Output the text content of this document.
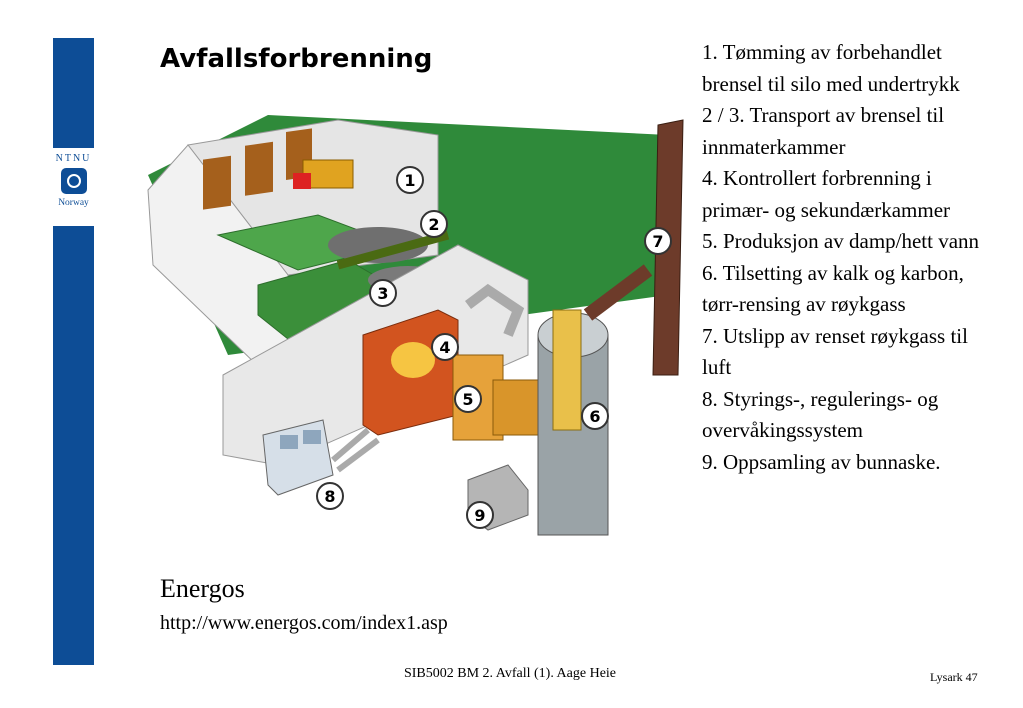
NTNU
Norway
Avfallsforbrenning
1
2
3
4
5
6
7
8
9
1. Tømming av forbehandlet brensel til silo med undertrykk
2 / 3. Transport av brensel til innmaterkammer
4. Kontrollert forbrenning i primær- og sekundærkammer
5. Produksjon av damp/hett vann
6. Tilsetting av kalk og karbon, tørr-rensing av røykgass
7. Utslipp av renset røykgass til luft
8. Styrings-, regulerings- og overvåkingssystem
9. Oppsamling av bunnaske.
Energos
http://www.energos.com/index1.asp
SIB5002 BM 2. Avfall (1). Aage Heie	Lysark 47
